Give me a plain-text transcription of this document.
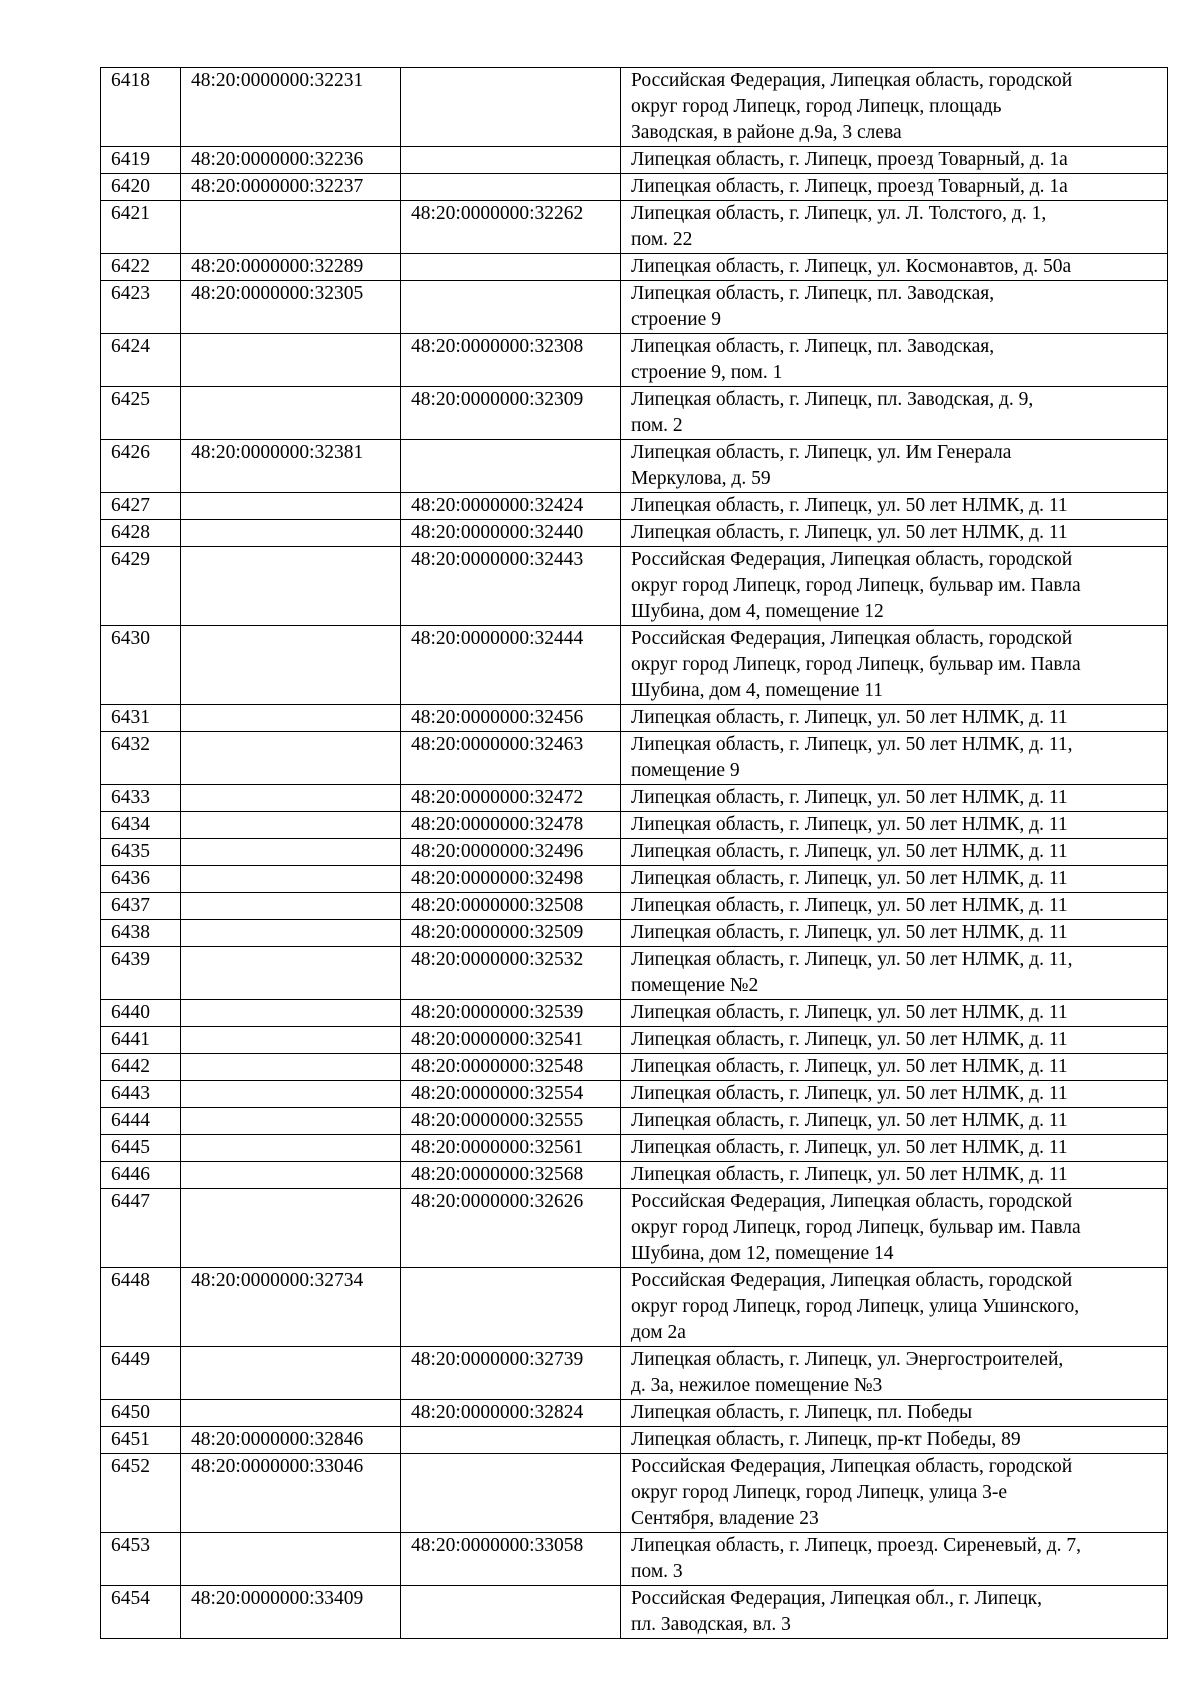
6418	48:20:0000000:32231		Российская Федерация, Липецкая область, городской
округ город Липецк, город Липецк, площадь
Заводская, в районе д.9а, 3 слева
6419	48:20:0000000:32236		Липецкая область, г. Липецк, проезд Товарный, д. 1а
6420	48:20:0000000:32237		Липецкая область, г. Липецк, проезд Товарный, д. 1а
6421		48:20:0000000:32262	Липецкая область, г. Липецк, ул. Л. Толстого, д. 1,
пом. 22
6422	48:20:0000000:32289		Липецкая область, г. Липецк, ул. Космонавтов, д. 50а
6423	48:20:0000000:32305		Липецкая область, г. Липецк, пл. Заводская,
строение 9
6424		48:20:0000000:32308	Липецкая область, г. Липецк, пл. Заводская,
строение 9, пом. 1
6425		48:20:0000000:32309	Липецкая область, г. Липецк, пл. Заводская, д. 9,
пом. 2
6426	48:20:0000000:32381		Липецкая область, г. Липецк, ул. Им Генерала
Меркулова, д. 59
6427		48:20:0000000:32424	Липецкая область, г. Липецк, ул. 50 лет НЛМК, д. 11
6428		48:20:0000000:32440	Липецкая область, г. Липецк, ул. 50 лет НЛМК, д. 11
6429		48:20:0000000:32443	Российская Федерация, Липецкая область, городской
округ город Липецк, город Липецк, бульвар им. Павла
Шубина, дом 4, помещение 12
6430		48:20:0000000:32444	Российская Федерация, Липецкая область, городской
округ город Липецк, город Липецк, бульвар им. Павла
Шубина, дом 4, помещение 11
6431		48:20:0000000:32456	Липецкая область, г. Липецк, ул. 50 лет НЛМК, д. 11
6432		48:20:0000000:32463	Липецкая область, г. Липецк, ул. 50 лет НЛМК, д. 11,
помещение 9
6433		48:20:0000000:32472	Липецкая область, г. Липецк, ул. 50 лет НЛМК, д. 11
6434		48:20:0000000:32478	Липецкая область, г. Липецк, ул. 50 лет НЛМК, д. 11
6435		48:20:0000000:32496	Липецкая область, г. Липецк, ул. 50 лет НЛМК, д. 11
6436		48:20:0000000:32498	Липецкая область, г. Липецк, ул. 50 лет НЛМК, д. 11
6437		48:20:0000000:32508	Липецкая область, г. Липецк, ул. 50 лет НЛМК, д. 11
6438		48:20:0000000:32509	Липецкая область, г. Липецк, ул. 50 лет НЛМК, д. 11
6439		48:20:0000000:32532	Липецкая область, г. Липецк, ул. 50 лет НЛМК, д. 11,
помещение №2
6440		48:20:0000000:32539	Липецкая область, г. Липецк, ул. 50 лет НЛМК, д. 11
6441		48:20:0000000:32541	Липецкая область, г. Липецк, ул. 50 лет НЛМК, д. 11
6442		48:20:0000000:32548	Липецкая область, г. Липецк, ул. 50 лет НЛМК, д. 11
6443		48:20:0000000:32554	Липецкая область, г. Липецк, ул. 50 лет НЛМК, д. 11
6444		48:20:0000000:32555	Липецкая область, г. Липецк, ул. 50 лет НЛМК, д. 11
6445		48:20:0000000:32561	Липецкая область, г. Липецк, ул. 50 лет НЛМК, д. 11
6446		48:20:0000000:32568	Липецкая область, г. Липецк, ул. 50 лет НЛМК, д. 11
6447		48:20:0000000:32626	Российская Федерация, Липецкая область, городской
округ город Липецк, город Липецк, бульвар им. Павла
Шубина, дом 12, помещение 14
6448	48:20:0000000:32734		Российская Федерация, Липецкая область, городской
округ город Липецк, город Липецк, улица Ушинского,
дом 2а
6449		48:20:0000000:32739	Липецкая область, г. Липецк, ул. Энергостроителей,
д. 3а, нежилое помещение №3
6450		48:20:0000000:32824	Липецкая область, г. Липецк, пл. Победы
6451	48:20:0000000:32846		Липецкая область, г. Липецк, пр-кт Победы, 89
6452	48:20:0000000:33046		Российская Федерация, Липецкая область, городской
округ город Липецк, город Липецк, улица 3-е
Сентября, владение 23
6453		48:20:0000000:33058	Липецкая область, г. Липецк, проезд. Сиреневый, д. 7,
пом. 3
6454	48:20:0000000:33409		Российская Федерация, Липецкая обл., г. Липецк,
пл. Заводская, вл. 3
